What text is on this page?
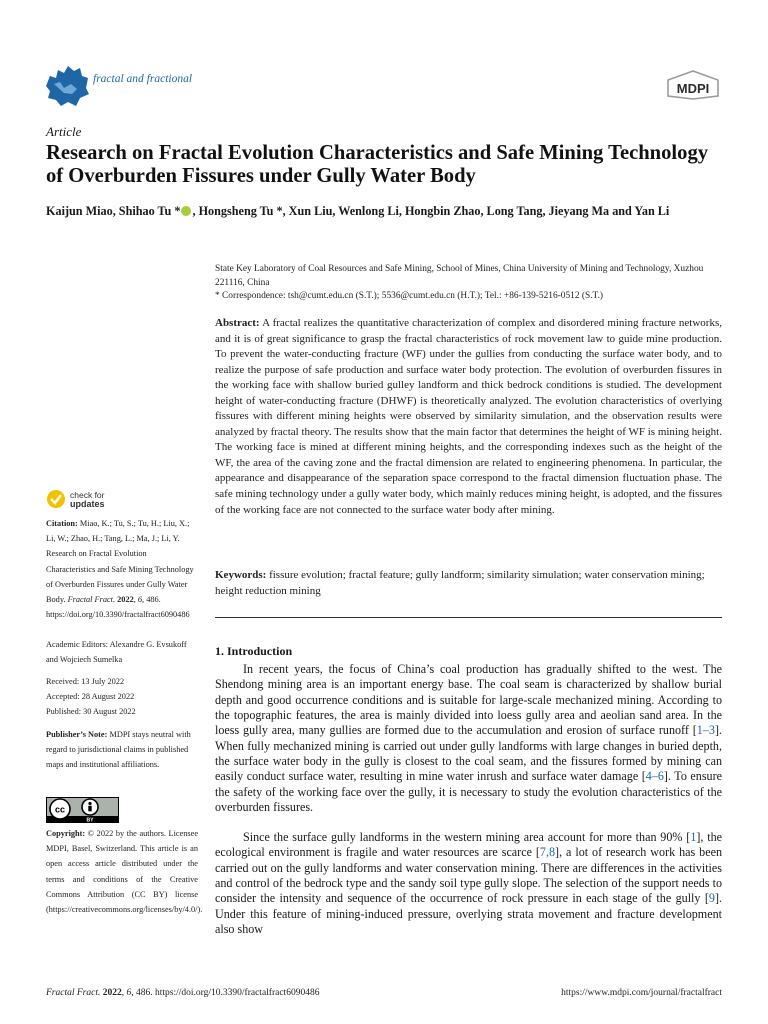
fractal and fractional
MDPI
Article
Research on Fractal Evolution Characteristics and Safe Mining Technology of Overburden Fissures under Gully Water Body
Kaijun Miao, Shihao Tu * , Hongsheng Tu *, Xun Liu, Wenlong Li, Hongbin Zhao, Long Tang, Jieyang Ma and Yan Li
State Key Laboratory of Coal Resources and Safe Mining, School of Mines, China University of Mining and Technology, Xuzhou 221116, China
* Correspondence: tsh@cumt.edu.cn (S.T.); 5536@cumt.edu.cn (H.T.); Tel.: +86-139-5216-0512 (S.T.)
Abstract: A fractal realizes the quantitative characterization of complex and disordered mining fracture networks, and it is of great significance to grasp the fractal characteristics of rock movement law to guide mine production. To prevent the water-conducting fracture (WF) under the gullies from conducting the surface water body, and to realize the purpose of safe production and surface water body protection. The evolution of overburden fissures in the working face with shallow buried gulley landform and thick bedrock conditions is studied. The development height of water-conducting fracture (DHWF) is theoretically analyzed. The evolution characteristics of overlying fissures with different mining heights were observed by similarity simulation, and the observation results were analyzed by fractal theory. The results show that the main factor that determines the height of WF is mining height. The working face is mined at different mining heights, and the corresponding indexes such as the height of the WF, the area of the caving zone and the fractal dimension are related to engineering phenomena. In particular, the appearance and disappearance of the separation space correspond to the fractal dimension fluctuation phase. The safe mining technology under a gully water body, which mainly reduces mining height, is adopted, and the fissures of the working face are not connected to the surface water body after mining.
Keywords: fissure evolution; fractal feature; gully landform; similarity simulation; water conservation mining; height reduction mining
check for
updates
Citation: Miao, K.; Tu, S.; Tu, H.; Liu, X.; Li, W.; Zhao, H.; Tang, L.; Ma, J.; Li, Y. Research on Fractal Evolution Characteristics and Safe Mining Technology of Overburden Fissures under Gully Water Body. Fractal Fract. 2022, 6, 486. https://doi.org/10.3390/fractalfract6090486
Academic Editors: Alexandre G. Evsukoff and Wojciech Sumelka
Received: 13 July 2022
Accepted: 28 August 2022
Published: 30 August 2022
Publisher’s Note: MDPI stays neutral with regard to jurisdictional claims in published maps and institutional affiliations.
cc
BY
Copyright: © 2022 by the authors. Licensee MDPI, Basel, Switzerland. This article is an open access article distributed under the terms and conditions of the Creative Commons Attribution (CC BY) license (https://creativecommons.org/licenses/by/4.0/).
1. Introduction
In recent years, the focus of China’s coal production has gradually shifted to the west. The Shendong mining area is an important energy base. The coal seam is characterized by shallow burial depth and good occurrence conditions and is suitable for large-scale mechanized mining. According to the topographic features, the area is mainly divided into loess gully area and aeolian sand area. In the loess gully area, many gullies are formed due to the accumulation and erosion of surface runoff [1–3]. When fully mechanized mining is carried out under gully landforms with large changes in buried depth, the surface water body in the gully is closest to the coal seam, and the fissures formed by mining can easily conduct surface water, resulting in mine water inrush and surface water damage [4–6]. To ensure the safety of the working face over the gully, it is necessary to study the evolution characteristics of the overburden fissures.
Since the surface gully landforms in the western mining area account for more than 90% [1], the ecological environment is fragile and water resources are scarce [7,8], a lot of research work has been carried out on the gully landforms and water conservation mining. There are differences in the activities and control of the bedrock type and the sandy soil type gully slope. The selection of the support needs to consider the intensity and sequence of the occurrence of rock pressure in each stage of the gully [9]. Under this feature of mining-induced pressure, overlying strata movement and fracture development also show
Fractal Fract. 2022, 6, 486. https://doi.org/10.3390/fractalfract6090486	https://www.mdpi.com/journal/fractalfract
